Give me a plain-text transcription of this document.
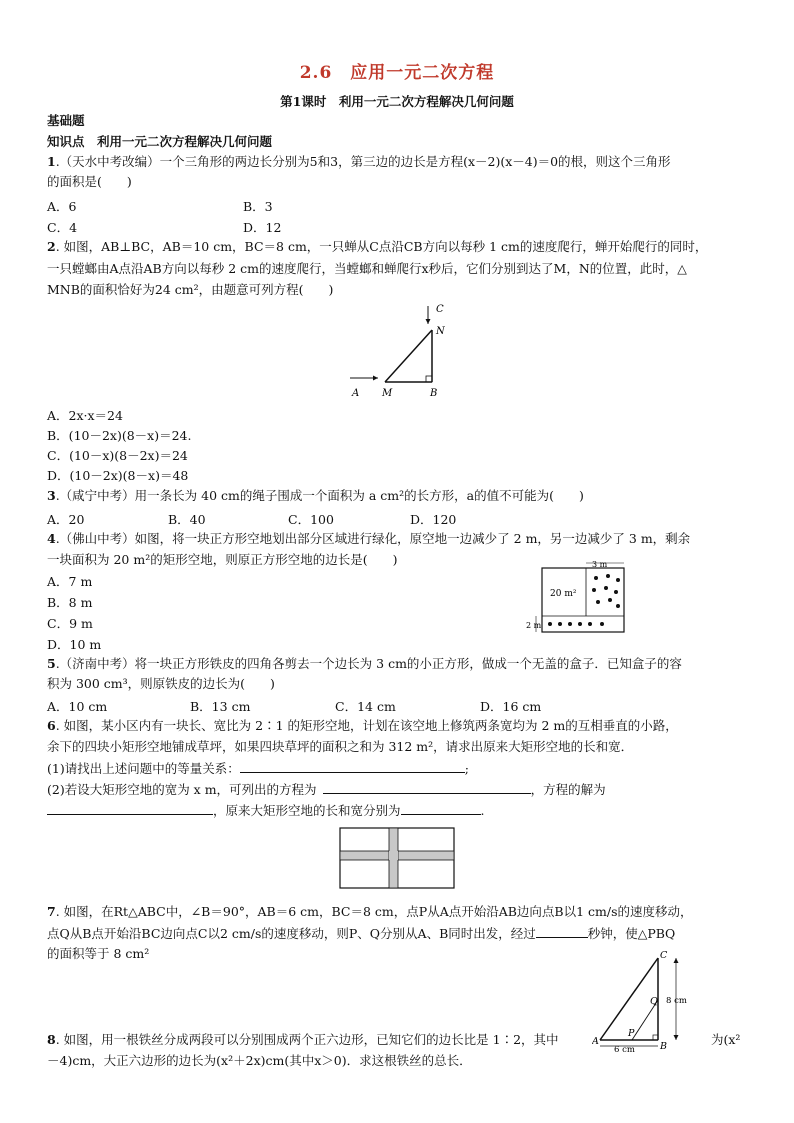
2.6　应用一元二次方程
第1课时　利用一元二次方程解决几何问题
基础题
知识点　利用一元二次方程解决几何问题
1.（天水中考改编）一个三角形的两边长分别为5和3，第三边的边长是方程(x－2)(x－4)＝0的根，则这个三角形
的面积是(　　)
A．6	B．3
C．4	D．12
2. 如图，AB⊥BC，AB＝10 cm，BC＝8 cm，一只蝉从C点沿CB方向以每秒 1 cm的速度爬行，蝉开始爬行的同时，
一只螳螂由A点沿AB方向以每秒 2 cm的速度爬行，当螳螂和蝉爬行x秒后，它们分别到达了M，N的位置，此时，△
MNB的面积恰好为24 cm²，由题意可列方程(　　)
C
N
A M	B
A．2x·x＝24
B．(10－2x)(8－x)＝24.
C．(10－x)(8－2x)＝24
D．(10－2x)(8－x)＝48
3.（咸宁中考）用一条长为 40 cm的绳子围成一个面积为 a cm²的长方形，a的值不可能为(　　)
A．20	B．40	C．100	D．120
4.（佛山中考）如图，将一块正方形空地划出部分区域进行绿化，原空地一边减少了 2 m，另一边减少了 3 m，剩余
一块面积为 20 m²的矩形空地，则原正方形空地的边长是(　　)	3 m
20 m²
2 m
A．7 m
B．8 m
C．9 m
D．10 m
5.（济南中考）将一块正方形铁皮的四角各剪去一个边长为 3 cm的小正方形，做成一个无盖的盒子．已知盒子的容
积为 300 cm³，则原铁皮的边长为(　　)
A．10 cm	B．13 cm	C．14 cm	D．16 cm
6. 如图，某小区内有一块长、宽比为 2∶1 的矩形空地，计划在该空地上修筑两条宽均为 2 m的互相垂直的小路，
余下的四块小矩形空地铺成草坪，如果四块草坪的面积之和为 312 m²，请求出原来大矩形空地的长和宽．
(1)请找出上述问题中的等量关系：	;
(2)若设大矩形空地的宽为 x m，可列出的方程为	，方程的解为
，原来大矩形空地的长和宽分别为	.
7. 如图，在Rt△ABC中，∠B＝90°，AB＝6 cm，BC＝8 cm，点P从A点开始沿AB边向点B以1 cm/s的速度移动，
点Q从B点开始沿BC边向点C以2 cm/s的速度移动，则P、Q分别从A、B同时出发，经过	秒钟，使△PBQ
的面积等于 8 cm²	C
Q
P
A	B
8 cm
6 cm
8. 如图，用一根铁丝分成两段可以分别围成两个正六边形，已知它们的边长比是 1∶2，其中	为(x²
－4)cm，大正六边形的边长为(x²＋2x)cm(其中x＞0)．求这根铁丝的总长．
